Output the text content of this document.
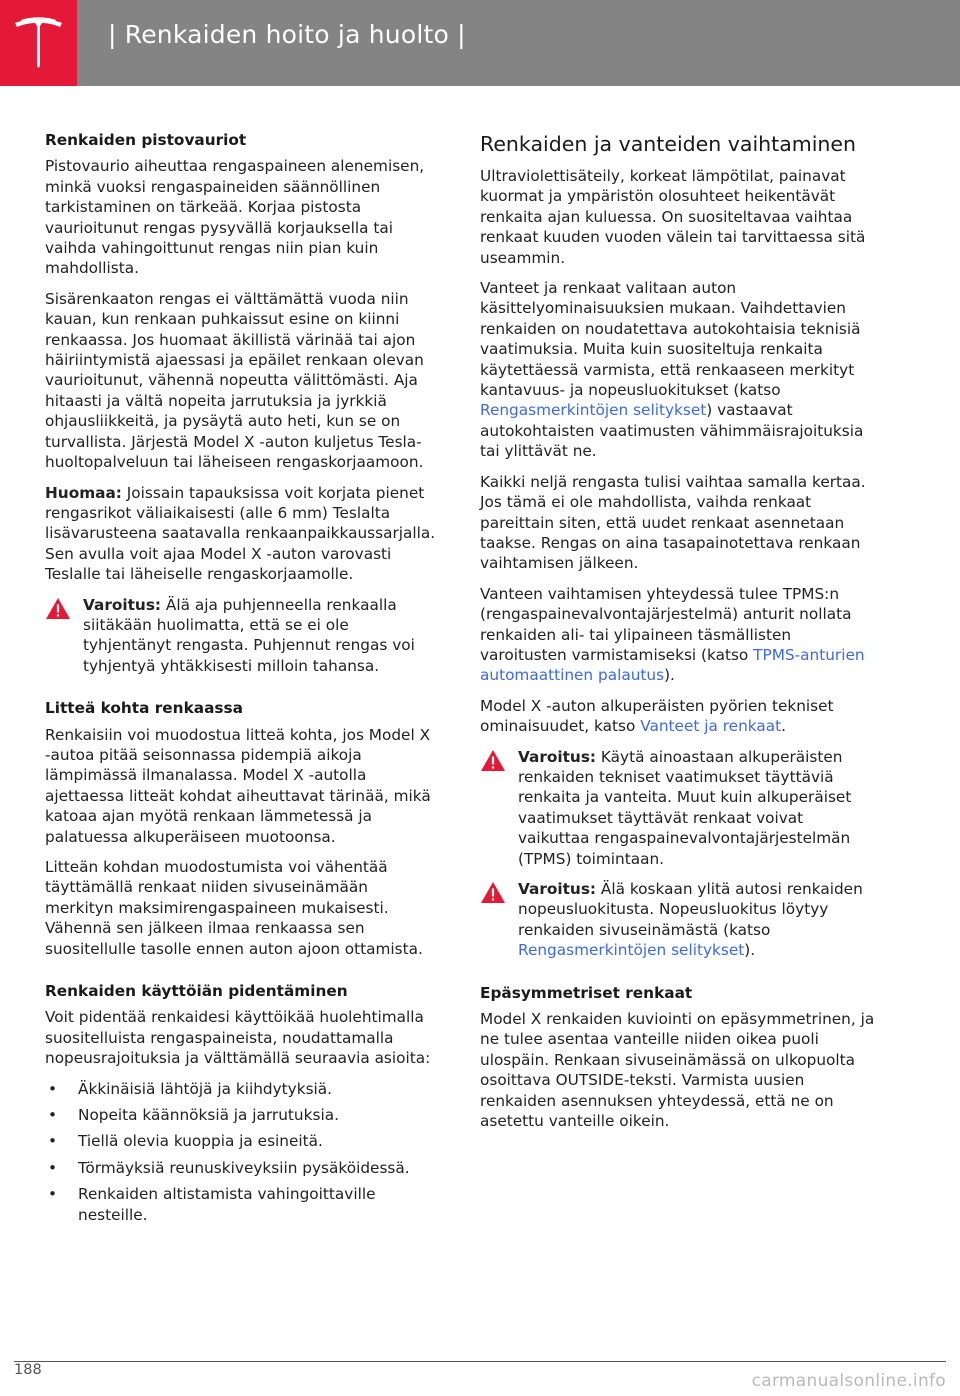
| Renkaiden hoito ja huolto |
Renkaiden pistovauriot

Pistovaurio aiheuttaa rengaspaineen alenemisen, minkä vuoksi rengaspaineiden säännöllinen tarkistaminen on tärkeää. Korjaa pistosta vaurioitunut rengas pysyvällä korjauksella tai vaihda vahingoittunut rengas niin pian kuin mahdollista.

Sisärenkaaton rengas ei välttämättä vuoda niin kauan, kun renkaan puhkaissut esine on kiinni renkaassa. Jos huomaat äkillistä värinää tai ajon häiriintymistä ajaessasi ja epäilet renkaan olevan vaurioitunut, vähennä nopeutta välittömästi. Aja hitaasti ja vältä nopeita jarrutuksia ja jyrkkiä ohjausliikkeitä, ja pysäytä auto heti, kun se on turvallista. Järjestä Model X -auton kuljetus Tesla-huoltopalveluun tai läheiseen rengaskorjaamoon.

Huomaa: Joissain tapauksissa voit korjata pienet rengasrikot väliaikaisesti (alle 6 mm) Teslalta lisävarusteena saatavalla renkaanpaikkaussarjalla. Sen avulla voit ajaa Model X -auton varovasti Teslalle tai läheiselle rengaskorjaamolle.

Varoitus: Älä aja puhjenneella renkaalla siitäkään huolimatta, että se ei ole tyhjentänyt rengasta. Puhjennut rengas voi tyhjentyä yhtäkkisesti milloin tahansa.
Litteä kohta renkaassa

Renkaisiin voi muodostua litteä kohta, jos Model X -autoa pitää seisonnassa pidempiä aikoja lämpimässä ilmanalassa. Model X -autolla ajettaessa litteät kohdat aiheuttavat tärinää, mikä katoaa ajan myötä renkaan lämmetessä ja palatuessa alkuperäiseen muotoonsa.

Litteän kohdan muodostumista voi vähentää täyttämällä renkaat niiden sivuseinämään merkityn maksimirengaspaineen mukaisesti. Vähennä sen jälkeen ilmaa renkaassa sen suositellulle tasolle ennen auton ajoon ottamista.

Renkaiden käyttöiän pidentäminen

Voit pidentää renkaidesi käyttöikää huolehtimalla suositelluista rengaspaineista, noudattamalla nopeusrajoituksia ja välttämällä seuraavia asioita:

• Äkkinäisiä lähtöjä ja kiihdytyksiä.
• Nopeita käännöksiä ja jarrutuksia.
• Tiellä olevia kuoppia ja esineitä.
• Törmäyksiä reunuskiveyksiin pysäköidessä.
• Renkaiden altistamista vahingoittaville nesteille.
Renkaiden ja vanteiden vaihtaminen

Ultraviolettisäteily, korkeat lämpötilat, painavat kuormat ja ympäristön olosuhteet heikentävät renkaita ajan kuluessa. On suositeltavaa vaihtaa renkaat kuuden vuoden välein tai tarvittaessa sitä useammin.

Vanteet ja renkaat valitaan auton käsittelyominaisuuksien mukaan. Vaihdettavien renkaiden on noudatettava autokohtaisia teknisiä vaatimuksia. Muita kuin suositeltuja renkaita käytettäessä varmista, että renkaaseen merkityt kantavuus- ja nopeusluokitukset (katso Rengasmerkintöjen selitykset) vastaavat autokohtaisten vaatimusten vähimmäisrajoituksia tai ylittävät ne.

Kaikki neljä rengasta tulisi vaihtaa samalla kertaa. Jos tämä ei ole mahdollista, vaihda renkaat pareittain siten, että uudet renkaat asennetaan taakse. Rengas on aina tasapainotettava renkaan vaihtamisen jälkeen.

Vanteen vaihtamisen yhteydessä tulee TPMS:n (rengaspainevalvontajärjestelmä) anturit nollata renkaiden ali- tai ylipaineen täsmällisten varoitusten varmistamiseksi (katso TPMS-anturien automaattinen palautus).

Model X -auton alkuperäisten pyörien tekniset ominaisuudet, katso Vanteet ja renkaat.

Varoitus: Käytä ainoastaan alkuperäisten renkaiden tekniset vaatimukset täyttäviä renkaita ja vanteita. Muut kuin alkuperäiset vaatimukset täyttävät renkaat voivat vaikuttaa rengaspainevalvontajärjestelmän (TPMS) toimintaan.
Varoitus: Älä koskaan ylitä autosi renkaiden nopeusluokitusta. Nopeusluokitus löytyy renkaiden sivuseinämästä (katso Rengasmerkintöjen selitykset).
Epäsymmetriset renkaat

Model X renkaiden kuviointi on epäsymmetrinen, ja ne tulee asentaa vanteille niiden oikea puoli ulospäin. Renkaan sivuseinämässä on ulkopuolta osoittava OUTSIDE-teksti. Varmista uusien renkaiden asennuksen yhteydessä, että ne on asetettu vanteille oikein.

188
carmanualsonline.info
